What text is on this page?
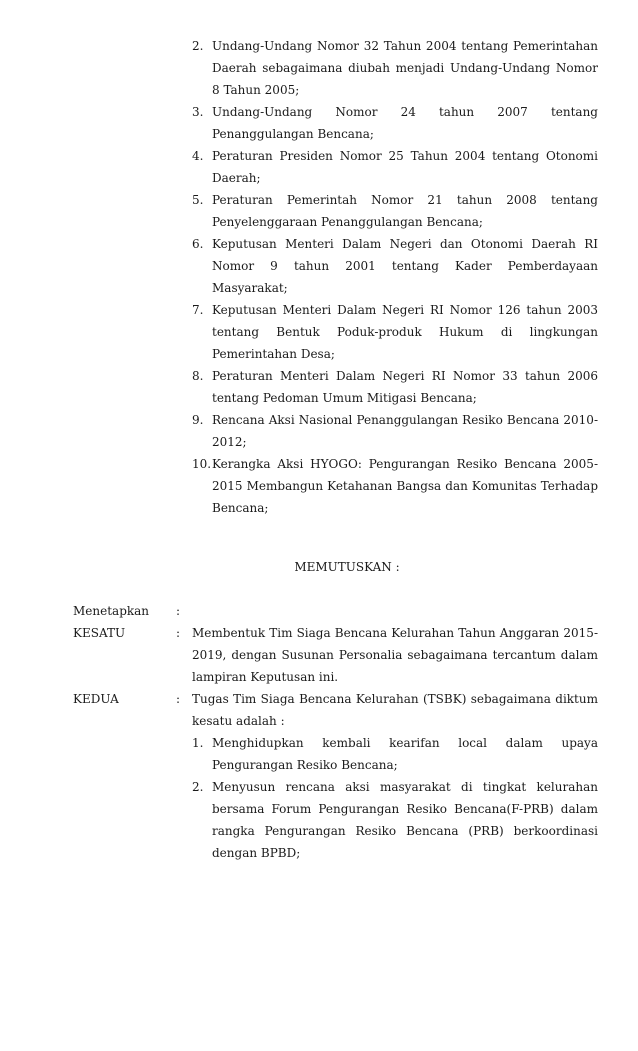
2. Undang-Undang Nomor 32 Tahun 2004 tentang Pemerintahan Daerah sebagaimana diubah menjadi Undang-Undang Nomor 8 Tahun 2005;
3. Undang-Undang Nomor 24 tahun 2007 tentang Penanggulangan Bencana;
4. Peraturan Presiden Nomor 25 Tahun 2004 tentang Otonomi Daerah;
5. Peraturan Pemerintah Nomor 21 tahun 2008 tentang Penyelenggaraan Penanggulangan Bencana;
6. Keputusan Menteri Dalam Negeri dan Otonomi Daerah RI Nomor 9 tahun 2001 tentang Kader Pemberdayaan Masyarakat;
7. Keputusan Menteri Dalam Negeri RI Nomor 126 tahun 2003 tentang Bentuk Poduk-produk Hukum di lingkungan Pemerintahan Desa;
8. Peraturan Menteri Dalam Negeri RI Nomor 33 tahun 2006 tentang Pedoman Umum Mitigasi Bencana;
9. Rencana Aksi Nasional Penanggulangan Resiko Bencana 2010-2012;
10. Kerangka Aksi HYOGO: Pengurangan Resiko Bencana 2005-2015 Membangun Ketahanan Bangsa dan Komunitas Terhadap Bencana;
MEMUTUSKAN :
Menetapkan	:
KESATU	: Membentuk Tim Siaga Bencana Kelurahan Tahun Anggaran 2015-2019, dengan Susunan Personalia sebagaimana tercantum dalam lampiran Keputusan ini.
KEDUA	: Tugas Tim Siaga Bencana Kelurahan (TSBK) sebagaimana diktum kesatu adalah :
1. Menghidupkan kembali kearifan local dalam upaya Pengurangan Resiko Bencana;
2. Menyusun rencana aksi masyarakat di tingkat kelurahan bersama Forum Pengurangan Resiko Bencana(F-PRB) dalam rangka Pengurangan Resiko Bencana (PRB) berkoordinasi dengan BPBD;
